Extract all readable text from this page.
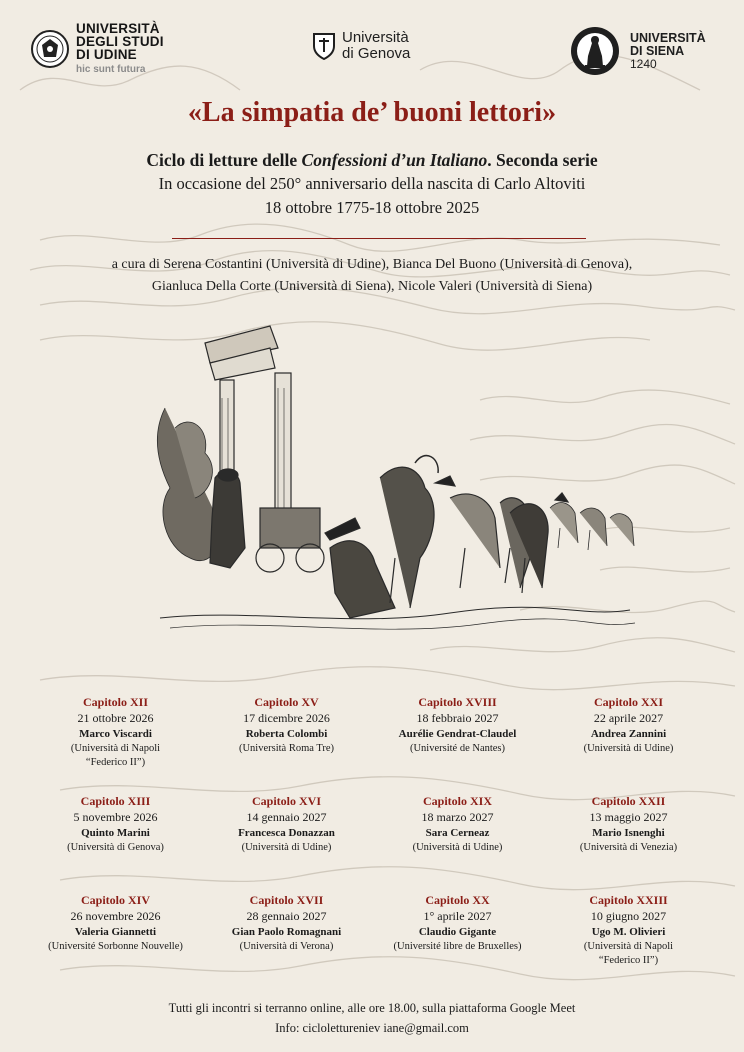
UNIVERSITÀ
DEGLI STUDI
DI UDINE
hic sunt futura
Università
di Genova
UNIVERSITÀ
DI SIENA
1240
«La simpatia de’ buoni lettori»
Ciclo di letture delle Confessioni d’un Italiano. Seconda serie
In occasione del 250° anniversario della nascita di Carlo Altoviti
18 ottobre 1775-18 ottobre 2025
a cura di Serena Costantini (Università di Udine), Bianca Del Buono (Università di Genova),
Gianluca Della Corte (Università di Siena), Nicole Valeri (Università di Siena)
Capitolo XII
21 ottobre 2026
Marco Viscardi
(Università di Napoli
“Federico II”)
Capitolo XV
17 dicembre 2026
Roberta Colombi
(Università Roma Tre)
Capitolo XVIII
18 febbraio 2027
Aurélie Gendrat-Claudel
(Université de Nantes)
Capitolo XXI
22 aprile 2027
Andrea Zannini
(Università di Udine)
Capitolo XIII
5 novembre 2026
Quinto Marini
(Università di Genova)
Capitolo XVI
14 gennaio 2027
Francesca Donazzan
(Università di Udine)
Capitolo XIX
18 marzo 2027
Sara Cerneaz
(Università di Udine)
Capitolo XXII
13 maggio 2027
Mario Isnenghi
(Università di Venezia)
Capitolo XIV
26 novembre 2026
Valeria Giannetti
(Université Sorbonne Nouvelle)
Capitolo XVII
28 gennaio 2027
Gian Paolo Romagnani
(Università di Verona)
Capitolo XX
1° aprile 2027
Claudio Gigante
(Université libre de Bruxelles)
Capitolo XXIII
10 giugno 2027
Ugo M. Olivieri
(Università di Napoli
“Federico II”)
Tutti gli incontri si terranno online, alle ore 18.00, sulla piattaforma Google Meet
Info: ciclolettureniev iane@gmail.com
